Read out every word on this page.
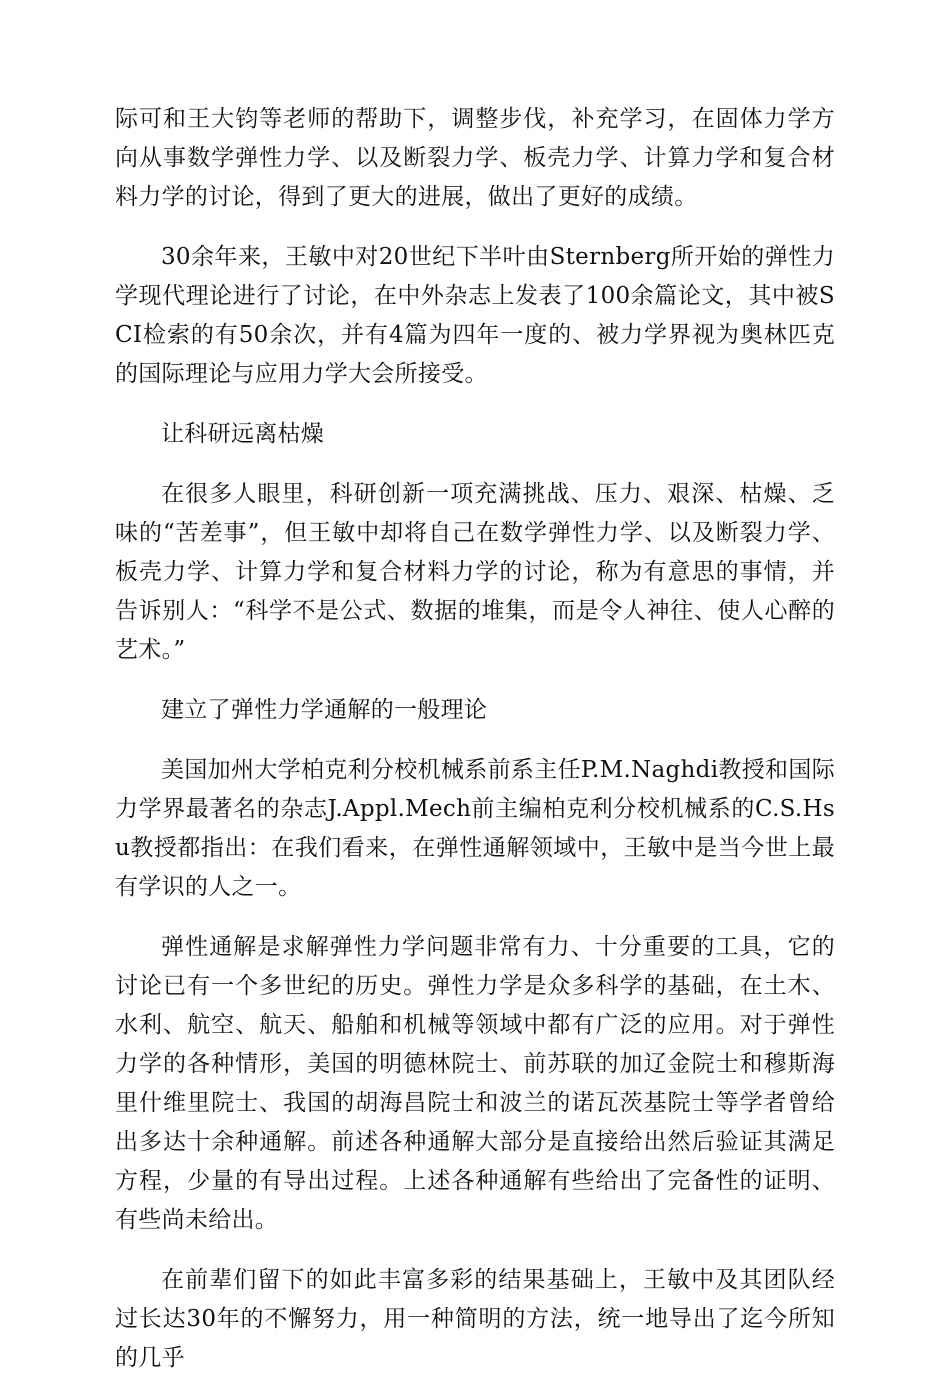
际可和王大钧等老师的帮助下，调整步伐，补充学习，在固体力学方向从事数学弹性力学、以及断裂力学、板壳力学、计算力学和复合材料力学的讨论，得到了更大的进展，做出了更好的成绩。

30余年来，王敏中对20世纪下半叶由Sternberg所开始的弹性力学现代理论进行了讨论，在中外杂志上发表了100余篇论文，其中被SCI检索的有50余次，并有4篇为四年一度的、被力学界视为奥林匹克的国际理论与应用力学大会所接受。

让科研远离枯燥

在很多人眼里，科研创新一项充满挑战、压力、艰深、枯燥、乏味的“苦差事”，但王敏中却将自己在数学弹性力学、以及断裂力学、板壳力学、计算力学和复合材料力学的讨论，称为有意思的事情，并告诉别人：“科学不是公式、数据的堆集，而是令人神往、使人心醉的艺术。”

建立了弹性力学通解的一般理论

美国加州大学柏克利分校机械系前系主任P.M.Naghdi教授和国际力学界最著名的杂志J.Appl.Mech前主编柏克利分校机械系的C.S.Hsu教授都指出：在我们看来，在弹性通解领域中，王敏中是当今世上最有学识的人之一。

弹性通解是求解弹性力学问题非常有力、十分重要的工具，它的讨论已有一个多世纪的历史。弹性力学是众多科学的基础，在土木、水利、航空、航天、船舶和机械等领域中都有广泛的应用。对于弹性力学的各种情形，美国的明德林院士、前苏联的加辽金院士和穆斯海里什维里院士、我国的胡海昌院士和波兰的诺瓦茨基院士等学者曾给出多达十余种通解。前述各种通解大部分是直接给出然后验证其满足方程，少量的有导出过程。上述各种通解有些给出了完备性的证明、有些尚未给出。

在前辈们留下的如此丰富多彩的结果基础上，王敏中及其团队经过长达30年的不懈努力，用一种简明的方法，统一地导出了迄今所知的几乎
